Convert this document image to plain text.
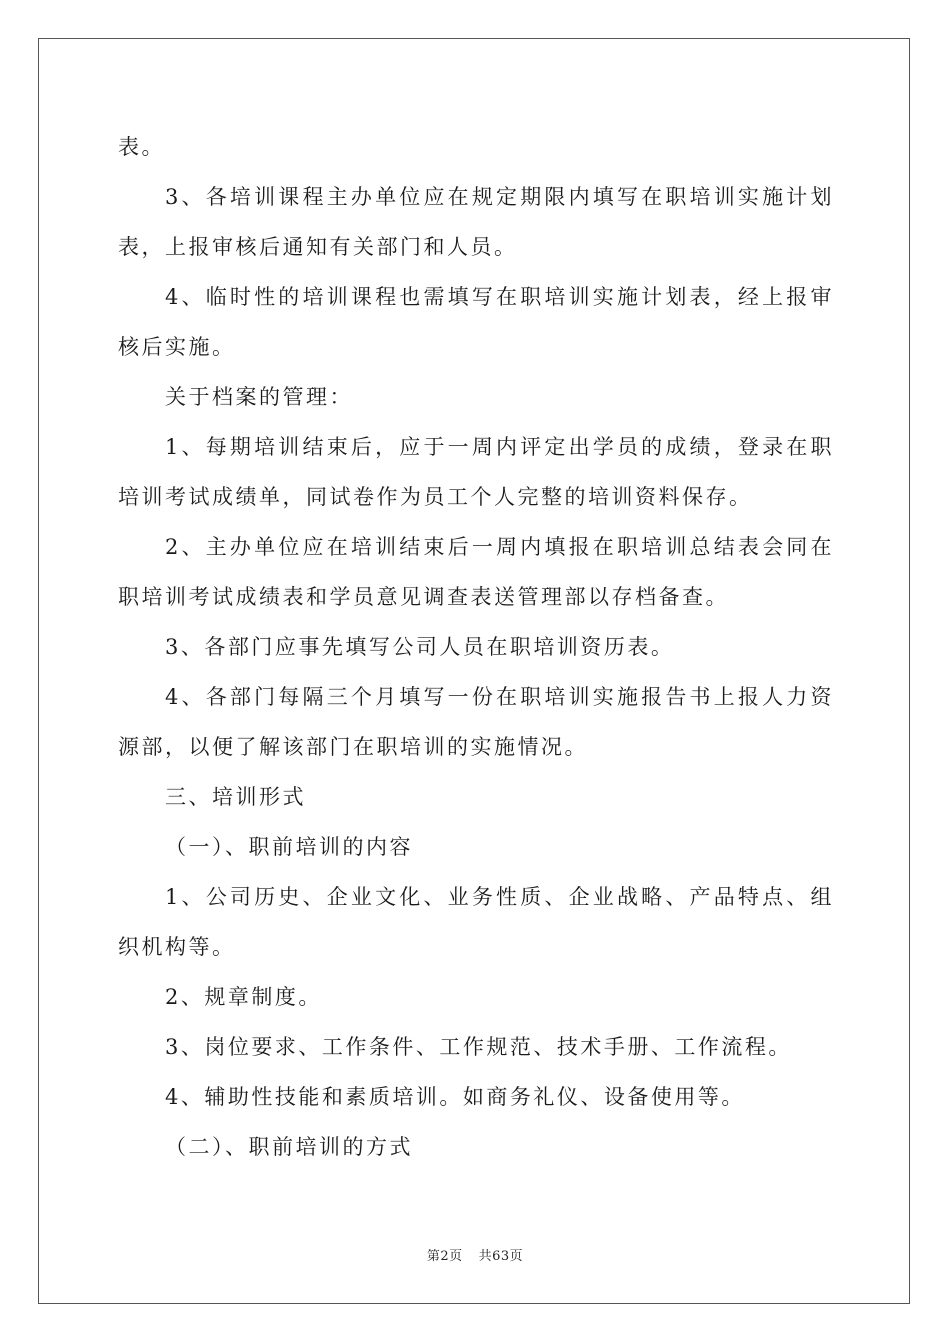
表。

3、各培训课程主办单位应在规定期限内填写在职培训实施计划表，上报审核后通知有关部门和人员。

4、临时性的培训课程也需填写在职培训实施计划表，经上报审核后实施。

关于档案的管理：

1、每期培训结束后，应于一周内评定出学员的成绩，登录在职培训考试成绩单，同试卷作为员工个人完整的培训资料保存。

2、主办单位应在培训结束后一周内填报在职培训总结表会同在职培训考试成绩表和学员意见调查表送管理部以存档备查。

3、各部门应事先填写公司人员在职培训资历表。

4、各部门每隔三个月填写一份在职培训实施报告书上报人力资源部，以便了解该部门在职培训的实施情况。

三、培训形式

（一）、职前培训的内容

1、公司历史、企业文化、业务性质、企业战略、产品特点、组织机构等。

2、规章制度。

3、岗位要求、工作条件、工作规范、技术手册、工作流程。

4、辅助性技能和素质培训。如商务礼仪、设备使用等。

（二）、职前培训的方式

第2页 共63页
